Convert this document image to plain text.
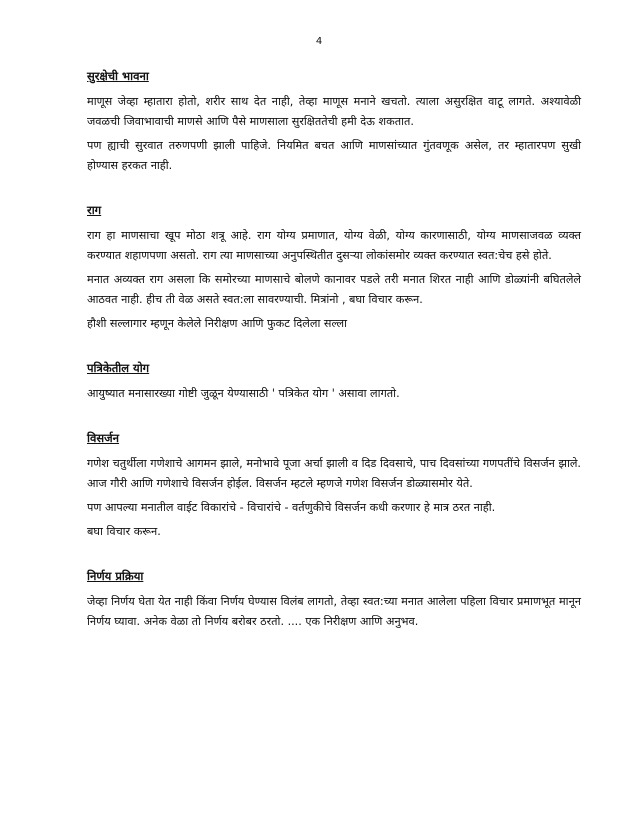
4
सुरक्षेची भावना

माणूस जेव्हा म्हातारा होतो, शरीर साथ देत नाही, तेव्हा माणूस मनाने खचतो. त्याला असुरक्षित वाटू लागते. अश्यावेळी जवळची जिवाभावाची माणसे आणि पैसे माणसाला सुरक्षिततेची हमी देऊ शकतात.

पण ह्याची सुरवात तरुणपणी झाली पाहिजे. नियमित बचत आणि माणसांच्यात गुंतवणूक असेल, तर म्हातारपण सुखी होण्यास हरकत नाही.

राग

राग हा माणसाचा खूप मोठा शत्रू आहे. राग योग्य प्रमाणात, योग्य वेळी, योग्य कारणासाठी, योग्य माणसाजवळ व्यक्त करण्यात शहाणपणा असतो. राग त्या माणसाच्या अनुपस्थितीत दुसऱ्या लोकांसमोर व्यक्त करण्यात स्वत:चेच हसे होते.

मनात अव्यक्त राग असला कि समोरच्या माणसाचे बोलणे कानावर पडले तरी मनात शिरत नाही आणि डोळ्यांनी बघितलेले आठवत नाही. हीच ती वेळ असते स्वत:ला सावरण्याची. मित्रांनो , बघा विचार करून.

हौशी सल्लागार म्हणून केलेले निरीक्षण आणि फुकट दिलेला सल्ला

पत्रिकेतील योग

आयुष्यात मनासारख्या गोष्टी जुळून येण्यासाठी ' पत्रिकेत योग ' असावा लागतो.

विसर्जन

गणेश चतुर्थीला गणेशाचे आगमन झाले, मनोभावे पूजा अर्चा झाली व दिड दिवसाचे, पाच दिवसांच्या गणपतींचे विसर्जन झाले. आज गौरी आणि गणेशाचे विसर्जन होईल. विसर्जन म्हटले म्हणजे गणेश विसर्जन डोळ्यासमोर येते.

पण आपल्या मनातील वाईट विकारांचे - विचारांचे - वर्तणुकीचे विसर्जन कधी करणार हे मात्र ठरत नाही.

बघा विचार करून.

निर्णय प्रक्रिया

जेव्हा निर्णय घेता येत नाही किंवा निर्णय घेण्यास विलंब लागतो, तेव्हा स्वत:च्या मनात आलेला पहिला विचार प्रमाणभूत मानून निर्णय घ्यावा. अनेक वेळा तो निर्णय बरोबर ठरतो. .... एक निरीक्षण आणि अनुभव.
